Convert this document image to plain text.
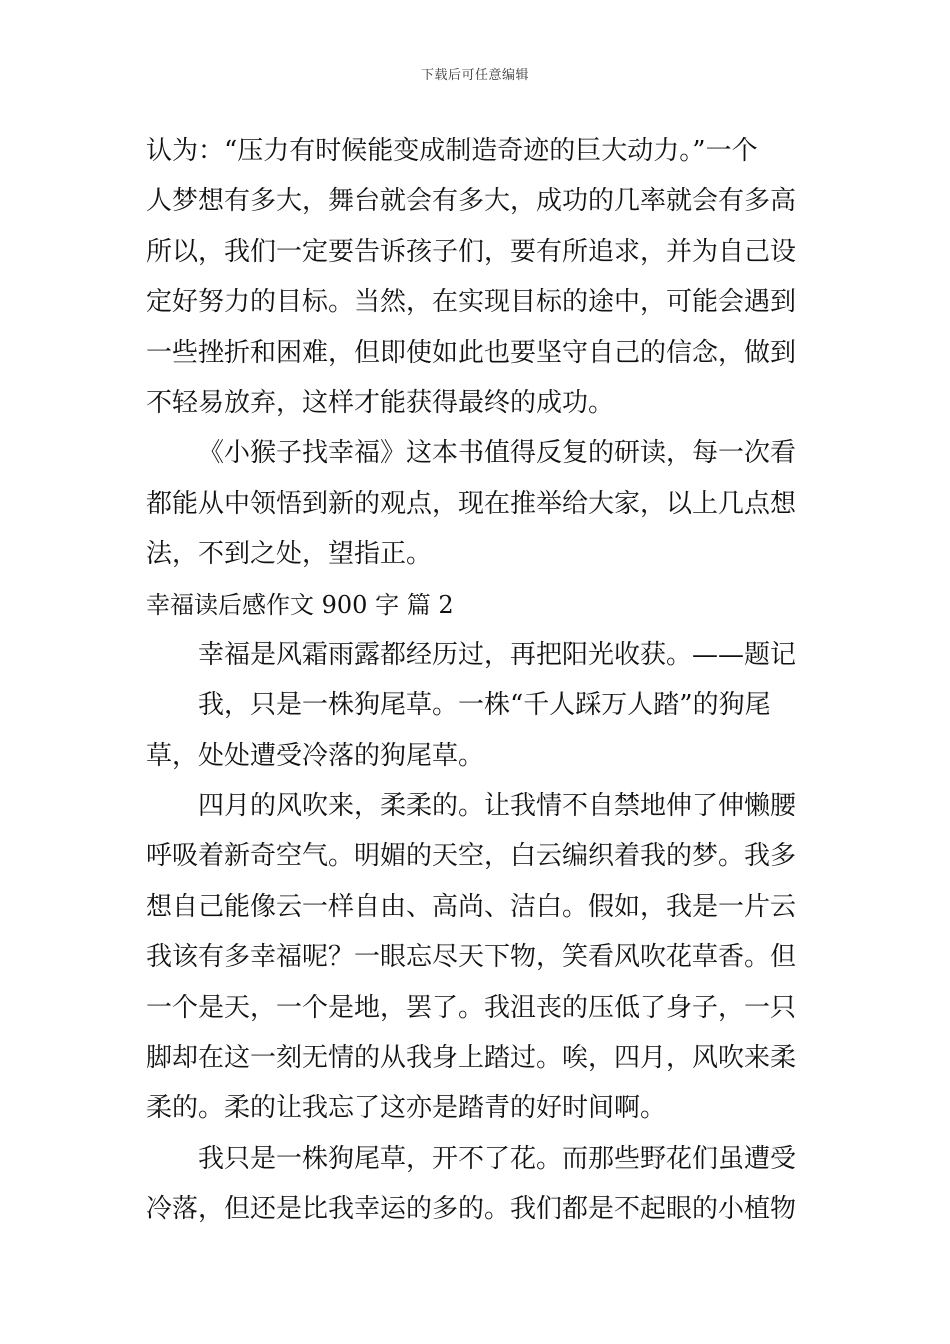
下载后可任意编辑
认为：“压力有时候能变成制造奇迹的巨大动力。”一个
人梦想有多大，舞台就会有多大，成功的几率就会有多高
所以，我们一定要告诉孩子们，要有所追求，并为自己设
定好努力的目标。当然，在实现目标的途中，可能会遇到
一些挫折和困难，但即使如此也要坚守自己的信念，做到
不轻易放弃，这样才能获得最终的成功。
《小猴子找幸福》这本书值得反复的研读，每一次看
都能从中领悟到新的观点，现在推举给大家，以上几点想
法，不到之处，望指正。
幸福读后感作文 900 字 篇 2
幸福是风霜雨露都经历过，再把阳光收获。——题记
我，只是一株狗尾草。一株“千人踩万人踏”的狗尾
草，处处遭受冷落的狗尾草。
四月的风吹来，柔柔的。让我情不自禁地伸了伸懒腰
呼吸着新奇空气。明媚的天空，白云编织着我的梦。我多
想自己能像云一样自由、高尚、洁白。假如，我是一片云
我该有多幸福呢？一眼忘尽天下物，笑看风吹花草香。但
一个是天，一个是地，罢了。我沮丧的压低了身子，一只
脚却在这一刻无情的从我身上踏过。唉，四月，风吹来柔
柔的。柔的让我忘了这亦是踏青的好时间啊。
我只是一株狗尾草，开不了花。而那些野花们虽遭受
冷落，但还是比我幸运的多的。我们都是不起眼的小植物
